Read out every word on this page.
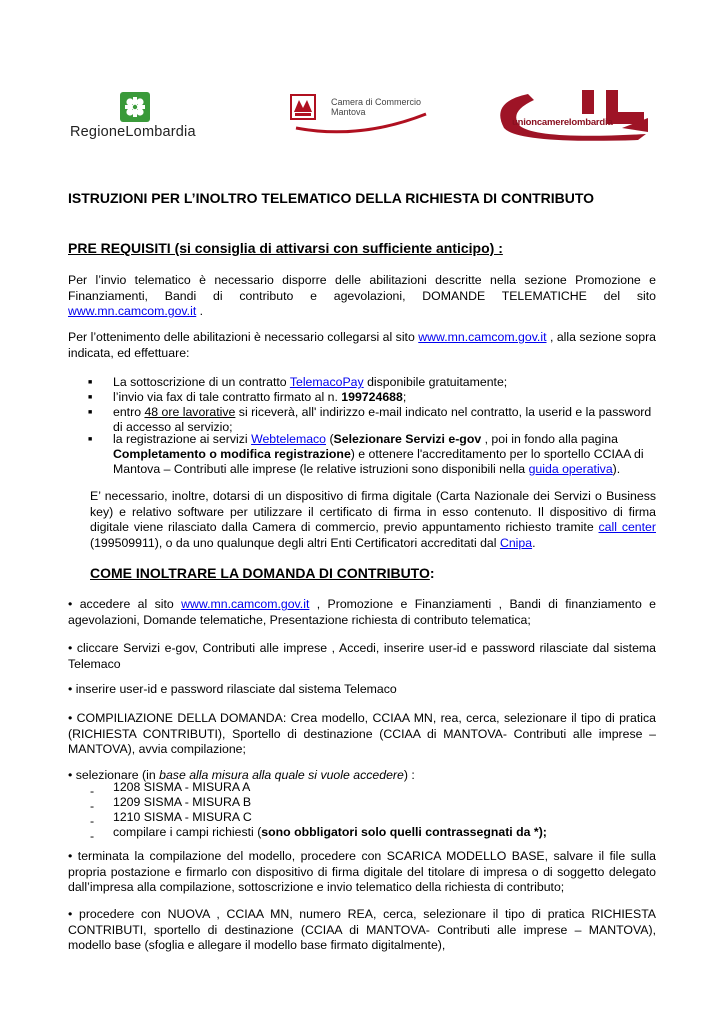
RegioneLombardia
Camera di Commercio
Mantova
unioncamerelombardia
ISTRUZIONI PER L’INOLTRO TELEMATICO DELLA RICHIESTA DI CONTRIBUTO
PRE REQUISITI (si consiglia di attivarsi con sufficiente anticipo) :

Per l’invio telematico è necessario disporre delle abilitazioni descritte nella sezione Promozione e Finanziamenti, Bandi di contributo e agevolazioni, DOMANDE TELEMATICHE del sito www.mn.camcom.gov.it .

Per l’ottenimento delle abilitazioni è necessario collegarsi al sito www.mn.camcom.gov.it , alla sezione sopra indicata, ed effettuare:

■ La sottoscrizione di un contratto TelemacoPay disponibile gratuitamente;
■ l’invio via fax di tale contratto firmato al n. 199724688;
■ entro 48 ore lavorative si riceverà, all' indirizzo e-mail indicato nel contratto, la userid e la password
di accesso al servizio;
■ la registrazione ai servizi Webtelemaco (Selezionare Servizi e-gov , poi in fondo alla pagina
Completamento o modifica registrazione) e ottenere l'accreditamento per lo sportello CCIAA di
Mantova – Contributi alle imprese (le relative istruzioni sono disponibili nella guida operativa).

E’ necessario, inoltre, dotarsi di un dispositivo di firma digitale (Carta Nazionale dei Servizi o Business key) e relativo software per utilizzare il certificato di firma in esso contenuto. Il dispositivo di firma digitale viene rilasciato dalla Camera di commercio, previo appuntamento richiesto tramite call center (199509911), o da uno qualunque degli altri Enti Certificatori accreditati dal Cnipa.

COME INOLTRARE LA DOMANDA DI CONTRIBUTO:

• accedere al sito www.mn.camcom.gov.it , Promozione e Finanziamenti , Bandi di finanziamento e agevolazioni, Domande telematiche, Presentazione richiesta di contributo telematica;

• cliccare Servizi e-gov, Contributi alle imprese , Accedi, inserire user-id e password rilasciate dal sistema Telemaco

• inserire user-id e password rilasciate dal sistema Telemaco

• COMPILIAZIONE DELLA DOMANDA: Crea modello, CCIAA MN, rea, cerca, selezionare il tipo di pratica (RICHIESTA CONTRIBUTI), Sportello di destinazione (CCIAA di MANTOVA- Contributi alle imprese – MANTOVA), avvia compilazione;

• selezionare (in base alla misura alla quale si vuole accedere) :

- 1208 SISMA - MISURA A
- 1209 SISMA - MISURA B
- 1210 SISMA - MISURA C
- compilare i campi richiesti (sono obbligatori solo quelli contrassegnati da *);

• terminata la compilazione del modello, procedere con SCARICA MODELLO BASE, salvare il file sulla propria postazione e firmarlo con dispositivo di firma digitale del titolare di impresa o di soggetto delegato dall’impresa alla compilazione, sottoscrizione e invio telematico della richiesta di contributo;

• procedere con NUOVA , CCIAA MN, numero REA, cerca, selezionare il tipo di pratica RICHIESTA CONTRIBUTI, sportello di destinazione (CCIAA di MANTOVA- Contributi alle imprese – MANTOVA), modello base (sfoglia e allegare il modello base firmato digitalmente),
